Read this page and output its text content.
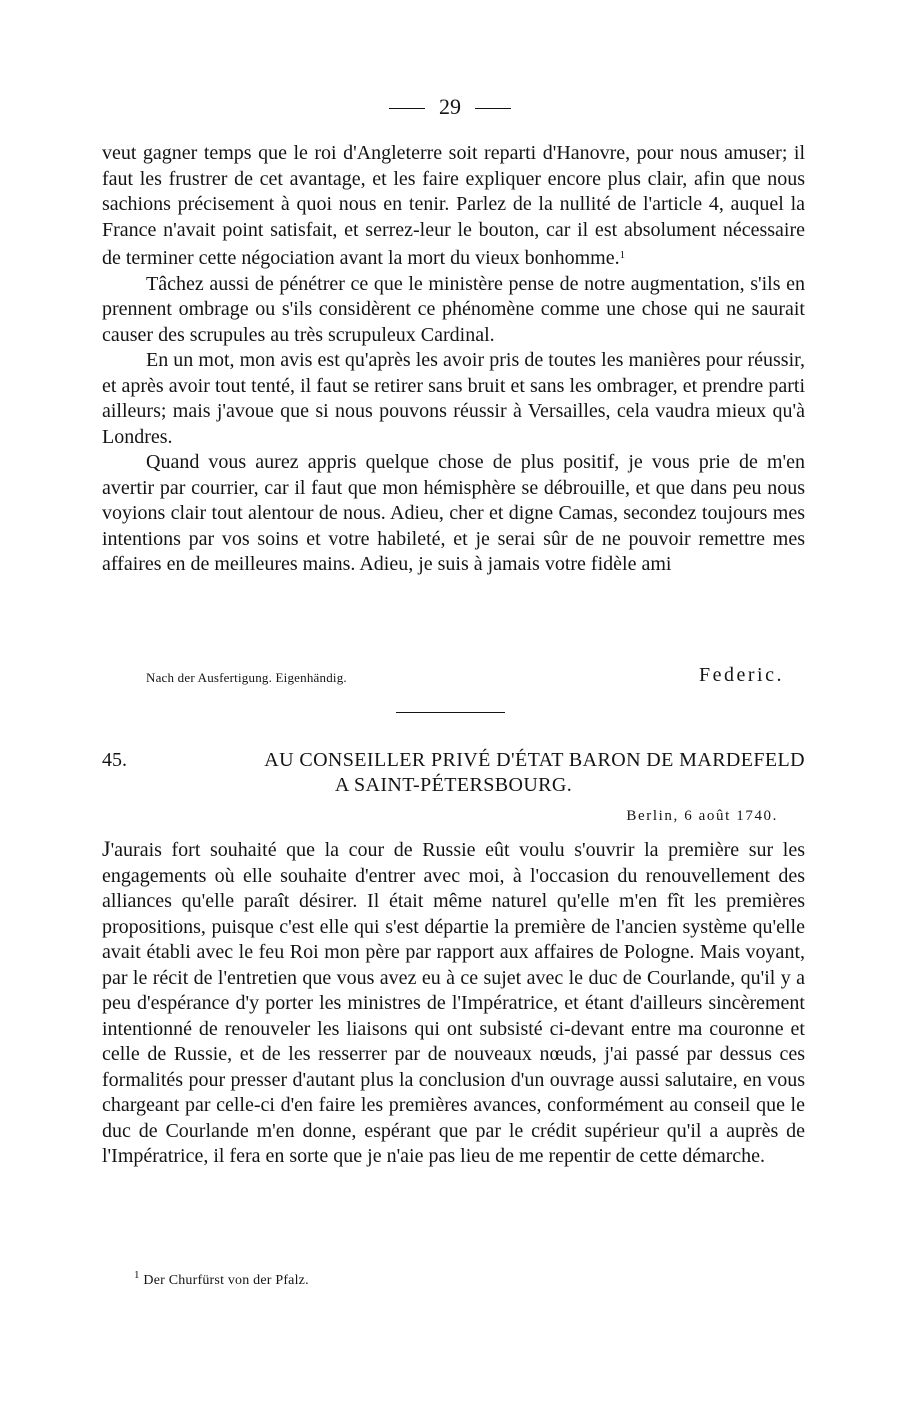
29

veut gagner temps que le roi d'Angleterre soit reparti d'Hanovre, pour nous amuser; il faut les frustrer de cet avantage, et les faire expliquer encore plus clair, afin que nous sachions précisement à quoi nous en tenir. Parlez de la nullité de l'article 4, auquel la France n'avait point satisfait, et serrez-leur le bouton, car il est absolument nécessaire de terminer cette négociation avant la mort du vieux bonhomme.$^1$

Tâchez aussi de pénétrer ce que le ministère pense de notre augmentation, s'ils en prennent ombrage ou s'ils considèrent ce phénomène comme une chose qui ne saurait causer des scrupules au très scrupuleux Cardinal.

En un mot, mon avis est qu'après les avoir pris de toutes les manières pour réussir, et après avoir tout tenté, il faut se retirer sans bruit et sans les ombrager, et prendre parti ailleurs; mais j'avoue que si nous pouvons réussir à Versailles, cela vaudra mieux qu'à Londres.

Quand vous aurez appris quelque chose de plus positif, je vous prie de m'en avertir par courrier, car il faut que mon hémisphère se débrouille, et que dans peu nous voyions clair tout alentour de nous. Adieu, cher et digne Camas, secondez toujours mes intentions par vos soins et votre habileté, et je serai sûr de ne pouvoir remettre mes affaires en de meilleures mains. Adieu, je suis à jamais votre fidèle ami

Nach der Ausfertigung. Eigenhändig.	Federic.
45.	AU CONSEILLER PRIVÉ D'ÉTAT BARON DE MARDEFELD
A SAINT-PÉTERSBOURG.
Berlin, 6 août 1740.

J'aurais fort souhaité que la cour de Russie eût voulu s'ouvrir la première sur les engagements où elle souhaite d'entrer avec moi, à l'occasion du renouvellement des alliances qu'elle paraît désirer. Il était même naturel qu'elle m'en fît les premières propositions, puisque c'est elle qui s'est départie la première de l'ancien système qu'elle avait établi avec le feu Roi mon père par rapport aux affaires de Pologne. Mais voyant, par le récit de l'entretien que vous avez eu à ce sujet avec le duc de Courlande, qu'il y a peu d'espérance d'y porter les ministres de l'Impératrice, et étant d'ailleurs sincèrement intentionné de renouveler les liaisons qui ont subsisté ci-devant entre ma couronne et celle de Russie, et de les resserrer par de nouveaux nœuds, j'ai passé par dessus ces formalités pour presser d'autant plus la conclusion d'un ouvrage aussi salutaire, en vous chargeant par celle-ci d'en faire les premières avances, conformément au conseil que le duc de Courlande m'en donne, espérant que par le crédit supérieur qu'il a auprès de l'Impératrice, il fera en sorte que je n'aie pas lieu de me repentir de cette démarche.

$^1$ Der Churfürst von der Pfalz.
